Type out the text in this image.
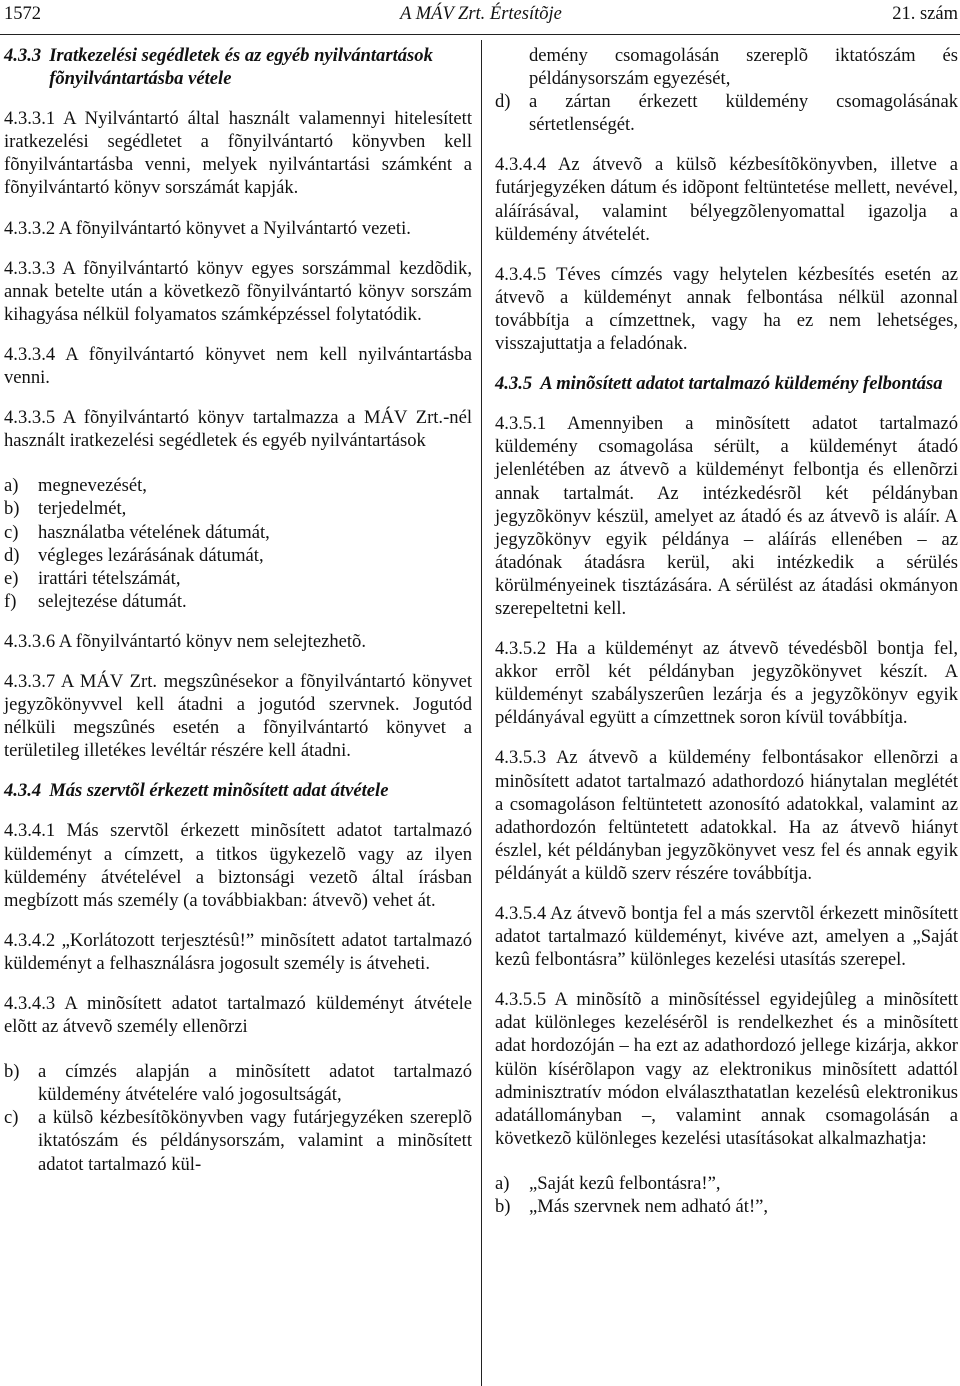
1572	A MÁV Zrt. Értesítõje	21. szám
4.3.3 Iratkezelési segédletek és az egyéb nyilvántartások fõnyilvántartásba vétele

4.3.3.1 A Nyilvántartó által használt valamennyi hitelesített iratkezelési segédletet a fõnyilvántartó könyvben kell fõnyilvántartásba venni, melyek nyilvántartási számként a fõnyilvántartó könyv sorszámát kapják.

4.3.3.2 A fõnyilvántartó könyvet a Nyilvántartó vezeti.

4.3.3.3 A fõnyilvántartó könyv egyes sorszámmal kezdõdik, annak betelte után a következõ fõnyilvántartó könyv sorszám kihagyása nélkül folyamatos számképzéssel folytatódik.

4.3.3.4 A fõnyilvántartó könyvet nem kell nyilvántartásba venni.

4.3.3.5 A fõnyilvántartó könyv tartalmazza a MÁV Zrt.-nél használt iratkezelési segédletek és egyéb nyilvántartások

a)	megnevezését,
b) terjedelmét,
c)	használatba vételének dátumát,
d) végleges lezárásának dátumát,
e)	irattári tételszámát,
f)	selejtezése dátumát.

4.3.3.6 A fõnyilvántartó könyv nem selejtezhetõ.

4.3.3.7 A MÁV Zrt. megszûnésekor a fõnyilvántartó könyvet jegyzõkönyvvel kell átadni a jogutód szervnek. Jogutód nélküli megszûnés esetén a fõnyilvántartó könyvet a területileg illetékes levéltár részére kell átadni.

4.3.4 Más szervtõl érkezett minõsített adat átvétele

4.3.4.1 Más szervtõl érkezett minõsített adatot tartalmazó küldeményt a címzett, a titkos ügykezelõ vagy az ilyen küldemény átvételével a biztonsági vezetõ által írásban megbízott más személy (a továbbiakban: átvevõ) vehet át.

4.3.4.2 „Korlátozott terjesztésû!” minõsített adatot tartalmazó küldeményt a felhasználásra jogosult személy is átveheti.

4.3.4.3 A minõsített adatot tartalmazó küldeményt átvétele elõtt az átvevõ személy ellenõrzi

b) a címzés alapján a minõsített adatot tartalmazó küldemény átvételére való jogosultságát,
c)	a külsõ kézbesítõkönyvben vagy futárjegyzéken szereplõ iktatószám és példánysorszám, valamint a minõsített adatot tartalmazó kül-
demény csomagolásán szereplõ iktatószám és példánysorszám egyezését,
d) a zártan érkezett küldemény csomagolásának sértetlenségét.

4.3.4.4 Az átvevõ a külsõ kézbesítõkönyvben, illetve a futárjegyzéken dátum és idõpont feltüntetése mellett, nevével, aláírásával, valamint bélyegzõlenyomattal igazolja a küldemény átvételét.

4.3.4.5 Téves címzés vagy helytelen kézbesítés esetén az átvevõ a küldeményt annak felbontása nélkül azonnal továbbítja a címzettnek, vagy ha ez nem lehetséges, visszajuttatja a feladónak.

4.3.5 A minõsített adatot tartalmazó küldemény felbontása

4.3.5.1 Amennyiben a minõsített adatot tartalmazó küldemény csomagolása sérült, a küldeményt átadó jelenlétében az átvevõ a küldeményt felbontja és ellenõrzi annak tartalmát. Az intézkedésrõl két példányban jegyzõkönyv készül, amelyet az átadó és az átvevõ is aláír. A jegyzõkönyv egyik példánya – aláírás ellenében – az átadónak átadásra kerül, aki intézkedik a sérülés körülményeinek tisztázására. A sérülést az átadási okmányon szerepeltetni kell.

4.3.5.2 Ha a küldeményt az átvevõ tévedésbõl bontja fel, akkor errõl két példányban jegyzõkönyvet készít. A küldeményt szabályszerûen lezárja és a jegyzõkönyv egyik példányával együtt a címzettnek soron kívül továbbítja.

4.3.5.3 Az átvevõ a küldemény felbontásakor ellenõrzi a minõsített adatot tartalmazó adathordozó hiánytalan meglétét a csomagoláson feltüntetett azonosító adatokkal, valamint az adathordozón feltüntetett adatokkal. Ha az átvevõ hiányt észlel, két példányban jegyzõkönyvet vesz fel és annak egyik példányát a küldõ szerv részére továbbítja.

4.3.5.4 Az átvevõ bontja fel a más szervtõl érkezett minõsített adatot tartalmazó küldeményt, kivéve azt, amelyen a „Saját kezû felbontásra” különleges kezelési utasítás szerepel.

4.3.5.5 A minõsítõ a minõsítéssel egyidejûleg a minõsített adat különleges kezelésérõl is rendelkezhet és a minõsített adat hordozóján – ha ezt az adathordozó jellege kizárja, akkor külön kísérõlapon vagy az elektronikus minõsített adattól adminisztratív módon elválaszthatatlan kezelésû elektronikus adatállományban –, valamint annak csomagolásán a következõ különleges kezelési utasításokat alkalmazhatja:

a)	„Saját kezû felbontásra!”,
b) „Más szervnek nem adható át!”,
